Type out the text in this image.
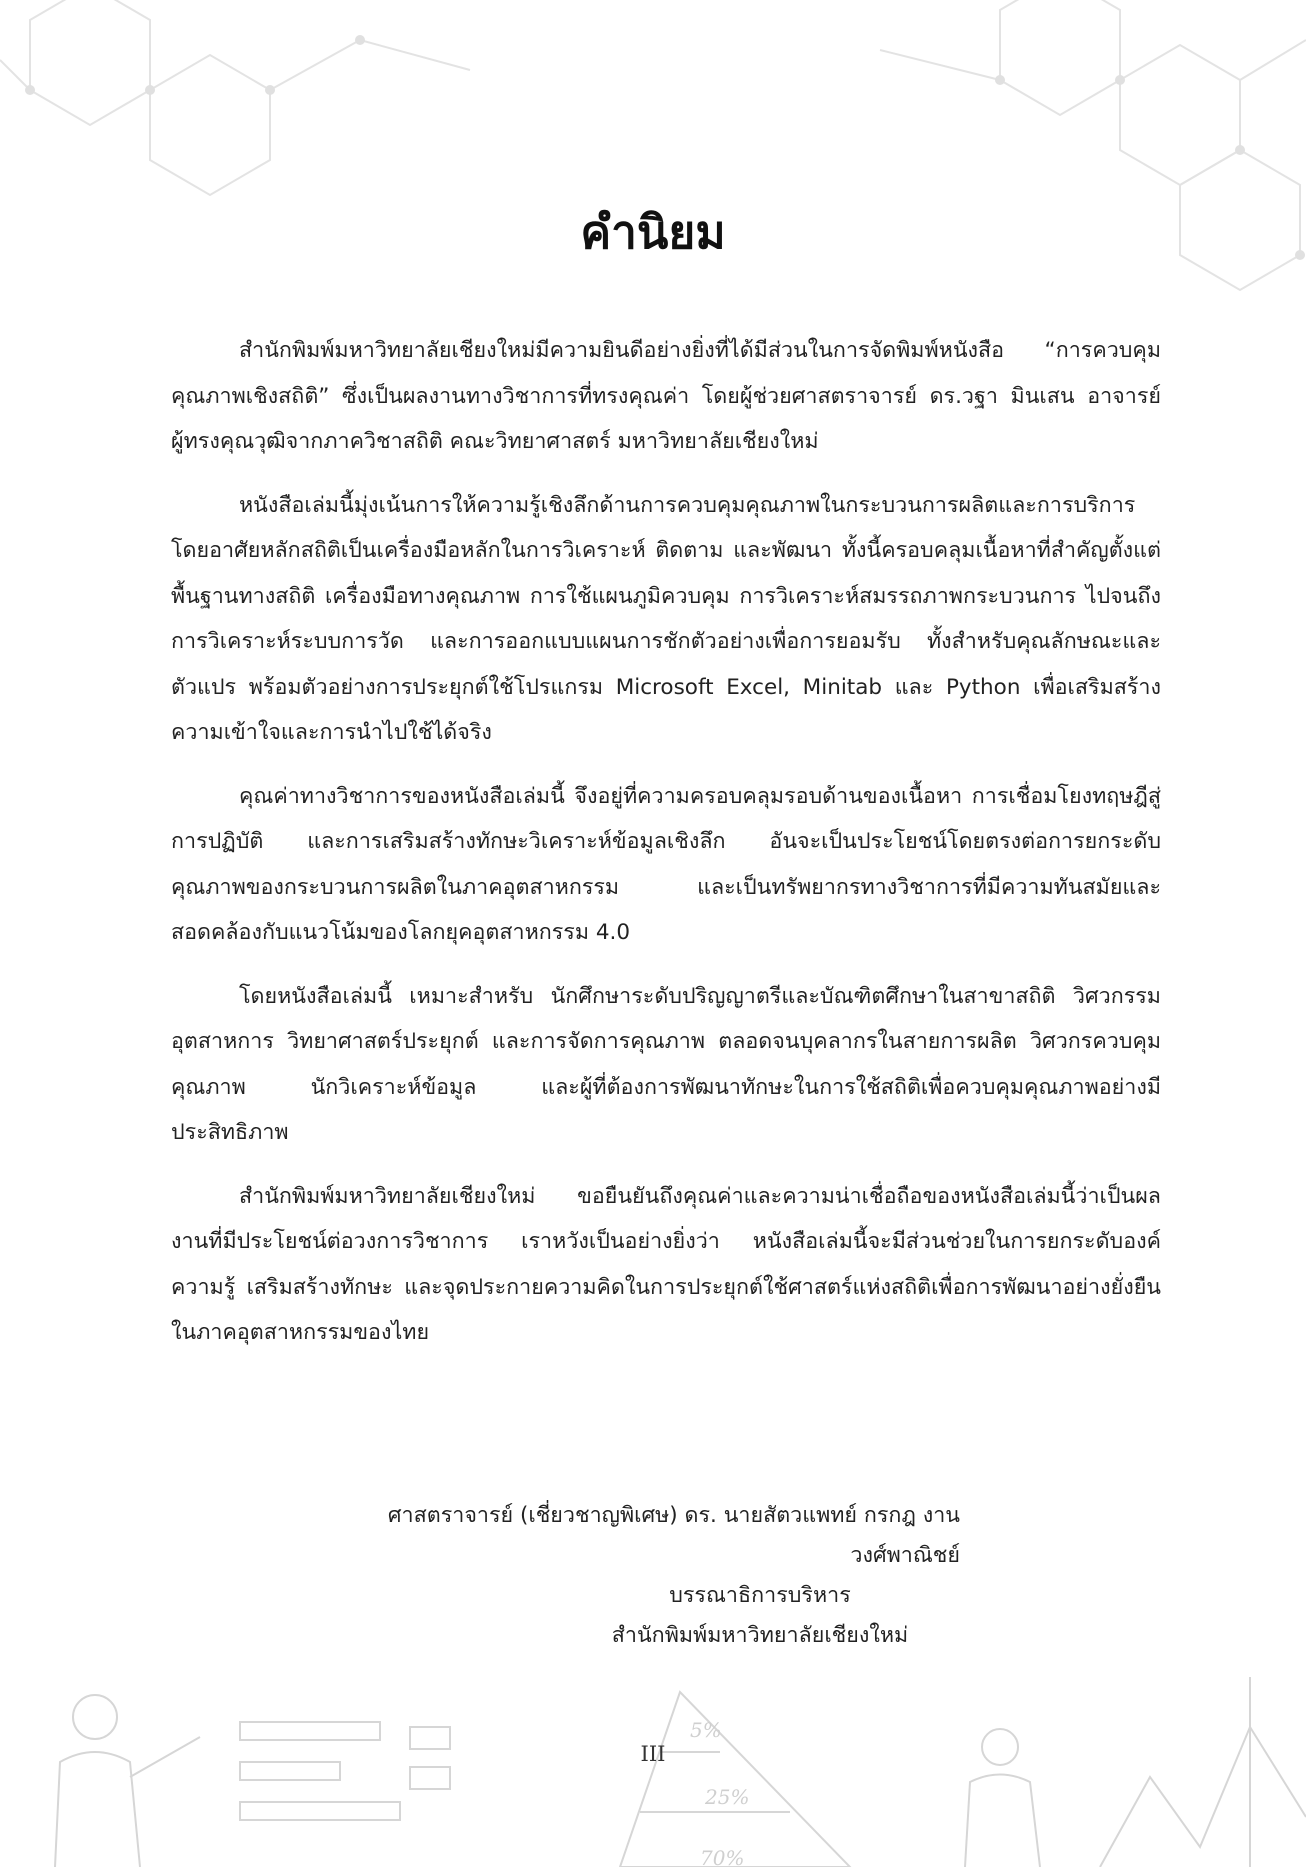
5%
25%
70%
คำนิยม

สำนักพิมพ์มหาวิทยาลัยเชียงใหม่มีความยินดีอย่างยิ่งที่ได้มีส่วนในการจัดพิมพ์หนังสือ “การควบคุมคุณภาพเชิงสถิติ” ซึ่งเป็นผลงานทางวิชาการที่ทรงคุณค่า โดยผู้ช่วยศาสตราจารย์ ดร.วฐา มินเสน อาจารย์ผู้ทรงคุณวุฒิจากภาควิชาสถิติ คณะวิทยาศาสตร์ มหาวิทยาลัยเชียงใหม่

หนังสือเล่มนี้มุ่งเน้นการให้ความรู้เชิงลึกด้านการควบคุมคุณภาพในกระบวนการผลิตและการบริการ โดยอาศัยหลักสถิติเป็นเครื่องมือหลักในการวิเคราะห์ ติดตาม และพัฒนา ทั้งนี้ครอบคลุมเนื้อหาที่สำคัญตั้งแต่พื้นฐานทางสถิติ เครื่องมือทางคุณภาพ การใช้แผนภูมิควบคุม การวิเคราะห์สมรรถภาพกระบวนการ ไปจนถึงการวิเคราะห์ระบบการวัด และการออกแบบแผนการชักตัวอย่างเพื่อการยอมรับ ทั้งสำหรับคุณลักษณะและตัวแปร พร้อมตัวอย่างการประยุกต์ใช้โปรแกรม Microsoft Excel, Minitab และ Python เพื่อเสริมสร้างความเข้าใจและการนำไปใช้ได้จริง

คุณค่าทางวิชาการของหนังสือเล่มนี้ จึงอยู่ที่ความครอบคลุมรอบด้านของเนื้อหา การเชื่อมโยงทฤษฎีสู่การปฏิบัติ และการเสริมสร้างทักษะวิเคราะห์ข้อมูลเชิงลึก อันจะเป็นประโยชน์โดยตรงต่อการยกระดับคุณภาพของกระบวนการผลิตในภาคอุตสาหกรรม และเป็นทรัพยากรทางวิชาการที่มีความทันสมัยและสอดคล้องกับแนวโน้มของโลกยุคอุตสาหกรรม 4.0

โดยหนังสือเล่มนี้ เหมาะสำหรับ นักศึกษาระดับปริญญาตรีและบัณฑิตศึกษาในสาขาสถิติ วิศวกรรมอุตสาหการ วิทยาศาสตร์ประยุกต์ และการจัดการคุณภาพ ตลอดจนบุคลากรในสายการผลิต วิศวกรควบคุมคุณภาพ นักวิเคราะห์ข้อมูล และผู้ที่ต้องการพัฒนาทักษะในการใช้สถิติเพื่อควบคุมคุณภาพอย่างมีประสิทธิภาพ

สำนักพิมพ์มหาวิทยาลัยเชียงใหม่ ขอยืนยันถึงคุณค่าและความน่าเชื่อถือของหนังสือเล่มนี้ว่าเป็นผลงานที่มีประโยชน์ต่อวงการวิชาการ เราหวังเป็นอย่างยิ่งว่า หนังสือเล่มนี้จะมีส่วนช่วยในการยกระดับองค์ความรู้ เสริมสร้างทักษะ และจุดประกายความคิดในการประยุกต์ใช้ศาสตร์แห่งสถิติเพื่อการพัฒนาอย่างยั่งยืนในภาคอุตสาหกรรมของไทย

ศาสตราจารย์ (เชี่ยวชาญพิเศษ) ดร. นายสัตวแพทย์ กรกฎ งานวงศ์พาณิชย์
บรรณาธิการบริหาร
สำนักพิมพ์มหาวิทยาลัยเชียงใหม่
III
